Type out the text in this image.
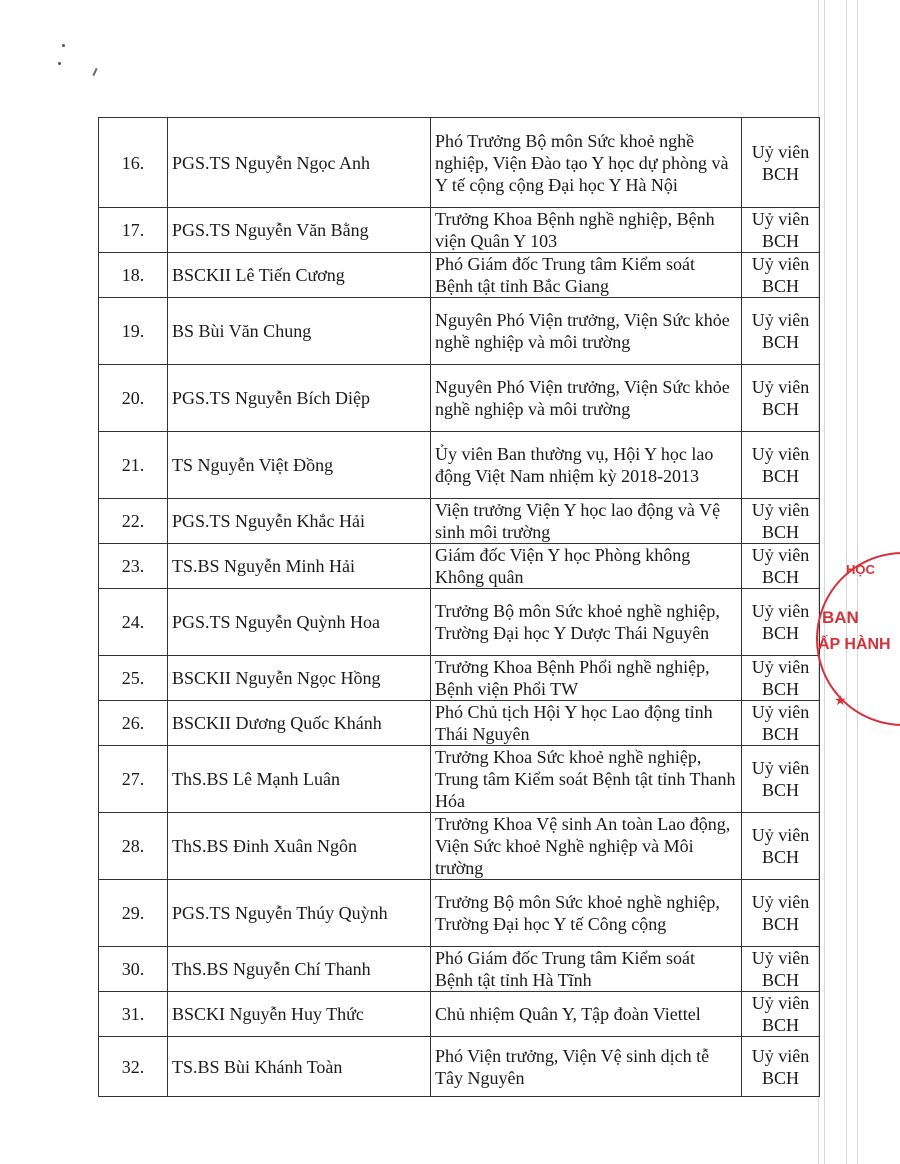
16.	PGS.TS Nguyễn Ngọc Anh	Phó Trưởng Bộ môn Sức khoẻ nghề nghiệp, Viện Đào tạo Y học dự phòng và Y tế cộng cộng Đại học Y Hà Nội	Uỷ viên BCH
17.	PGS.TS Nguyễn Văn Bằng	Trưởng Khoa Bệnh nghề nghiệp, Bệnh viện Quân Y 103	Uỷ viên BCH
18.	BSCKII Lê Tiến Cương	Phó Giám đốc Trung tâm Kiểm soát Bệnh tật tỉnh Bắc Giang	Uỷ viên BCH
19.	BS Bùi Văn Chung	Nguyên Phó Viện trưởng, Viện Sức khỏe nghề nghiệp và môi trường	Uỷ viên BCH
20.	PGS.TS Nguyễn Bích Diệp	Nguyên Phó Viện trưởng, Viện Sức khỏe nghề nghiệp và môi trường	Uỷ viên BCH
21.	TS Nguyễn Việt Đồng	Ủy viên Ban thường vụ, Hội Y học lao động Việt Nam nhiệm kỳ 2018-2013	Uỷ viên BCH
22.	PGS.TS Nguyễn Khắc Hải	Viện trưởng Viện Y học lao động và Vệ sinh môi trường	Uỷ viên BCH
23.	TS.BS Nguyễn Minh Hải	Giám đốc Viện Y học Phòng không Không quân	Uỷ viên BCH
24.	PGS.TS Nguyễn Quỳnh Hoa	Trưởng Bộ môn Sức khoẻ nghề nghiệp, Trường Đại học Y Dược Thái Nguyên	Uỷ viên BCH
25.	BSCKII Nguyễn Ngọc Hồng	Trưởng Khoa Bệnh Phổi nghề nghiệp, Bệnh viện Phổi TW	Uỷ viên BCH
26.	BSCKII Dương Quốc Khánh	Phó Chủ tịch Hội Y học Lao động tỉnh Thái Nguyên	Uỷ viên BCH
27.	ThS.BS Lê Mạnh Luân	Trưởng Khoa Sức khoẻ nghề nghiệp, Trung tâm Kiểm soát Bệnh tật tỉnh Thanh Hóa	Uỷ viên BCH
28.	ThS.BS Đinh Xuân Ngôn	Trưởng Khoa Vệ sinh An toàn Lao động, Viện Sức khoẻ Nghề nghiệp và Môi trường	Uỷ viên BCH
29.	PGS.TS Nguyễn Thúy Quỳnh	Trưởng Bộ môn Sức khoẻ nghề nghiệp, Trường Đại học Y tế Công cộng	Uỷ viên BCH
30.	ThS.BS Nguyễn Chí Thanh	Phó Giám đốc Trung tâm Kiểm soát Bệnh tật tỉnh Hà Tĩnh	Uỷ viên BCH
31.	BSCKI Nguyễn Huy Thức	Chủ nhiệm Quân Y, Tập đoàn Viettel	Uỷ viên BCH
32.	TS.BS Bùi Khánh Toàn	Phó Viện trưởng, Viện Vệ sinh dịch tễ Tây Nguyên	Uỷ viên BCH
HỌC
BAN
ẤP HÀNH
★
